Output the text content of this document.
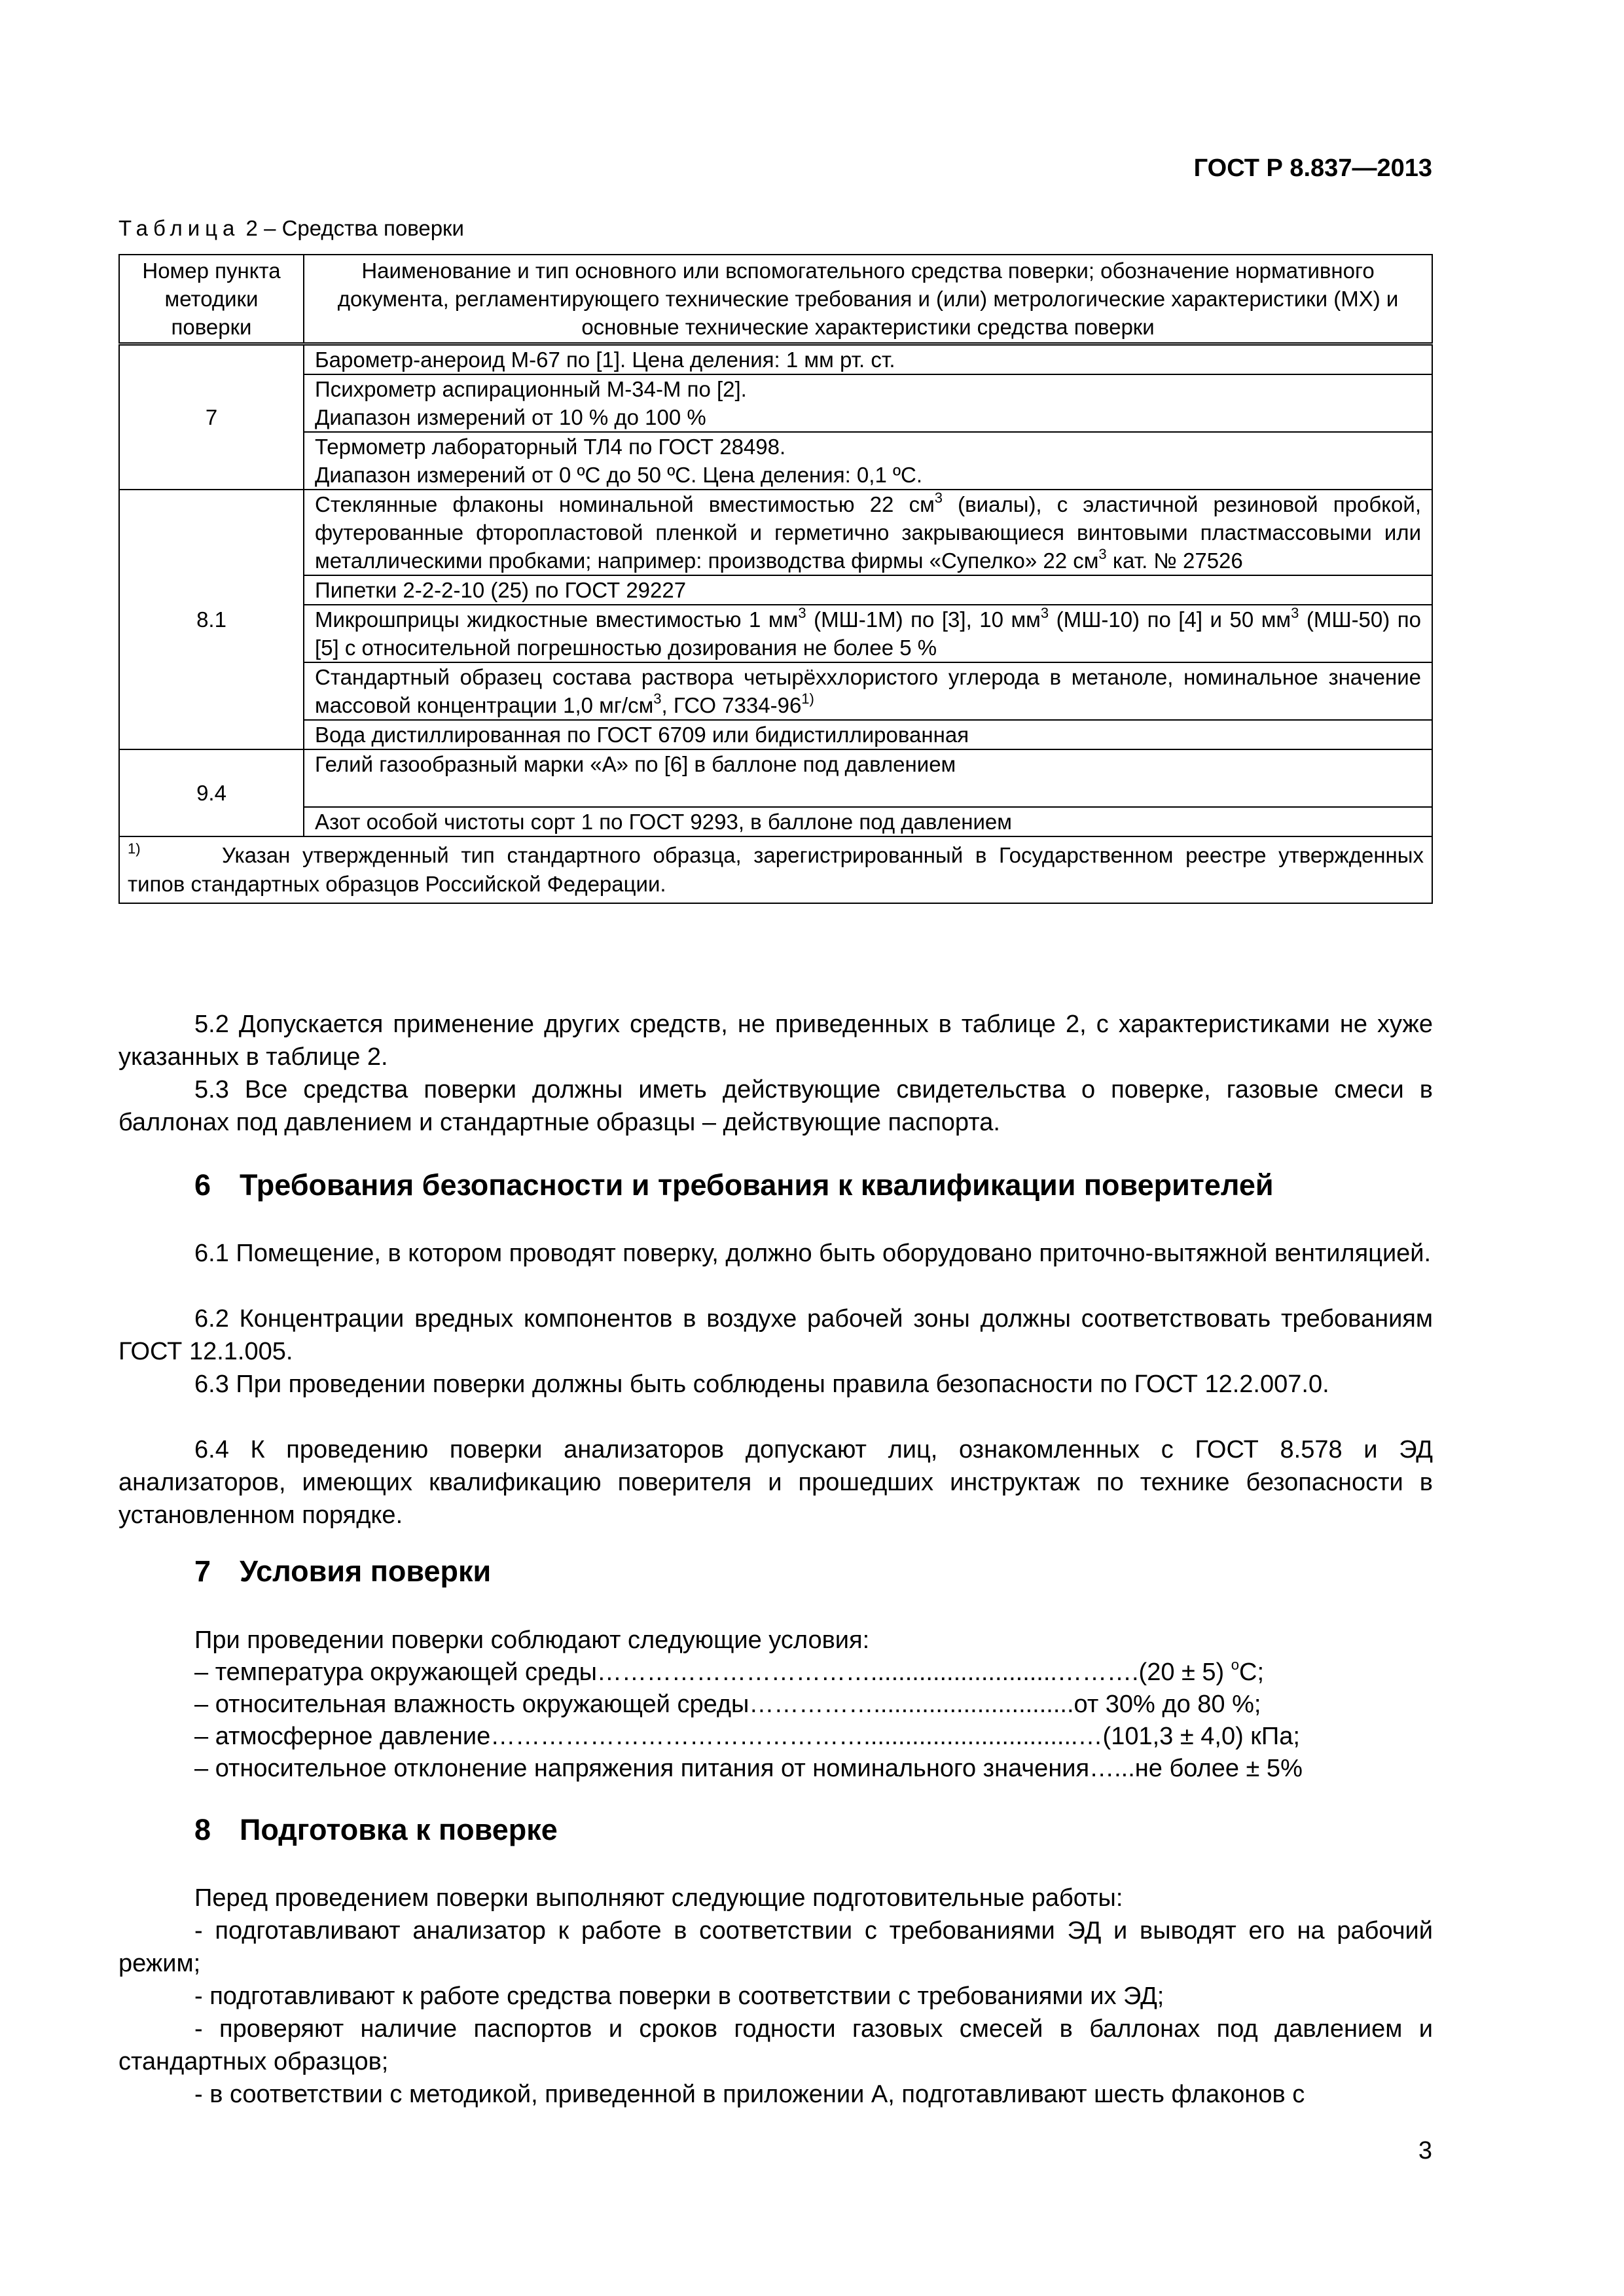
ГОСТ Р 8.837—2013
Таблица 2 – Средства поверки
Номер пункта методики поверки	Наименование и тип основного или вспомогательного средства поверки; обозначение нормативного документа, регламентирующего технические требования и (или) метрологические характеристики (МХ) и основные технические характеристики средства поверки
7	Барометр-анероид М-67 по [1]. Цена деления: 1 мм рт. ст.

	Психрометр аспирационный М-34-М по [2].
Диапазон измерений от 10 % до 100 %

	Термометр лабораторный ТЛ4 по ГОСТ 28498.
Диапазон измерений от 0 ºС до 50 ºС. Цена деления: 0,1 ºС.

8.1	Стеклянные флаконы номинальной вместимостью 22 $см^3$ (виалы), с эластичной резиновой пробкой, футерованные фторопластовой пленкой и герметично закрывающиеся винтовыми пластмассовыми или металлическими пробками; например: производства фирмы «Супелко» 22 $см^3$ кат. № 27526
	Пипетки 2-2-2-10 (25) по ГОСТ 29227
	Микрошприцы жидкостные вместимостью 1 $мм^3$ (МШ-1М) по [3], 10 $мм^3$ (МШ-10) по [4] и 50 $мм^3$ (МШ-50) по [5] с относительной погрешностью дозирования не более 5 %
	Стандартный образец состава раствора четырёххлористого углерода в метаноле, номинальное значение массовой концентрации 1,0 $мг/см^3$, ГСО 7334-96$^{1)}$
	Вода дистиллированная по ГОСТ 6709 или бидистиллированная
9.4	Гелий газообразный марки «А» по [6] в баллоне под давлением
	Азот особой чистоты сорт 1 по ГОСТ 9293, в баллоне под давлением
$^{1)}$ Указан утвержденный тип стандартного образца, зарегистрированный в Государственном реестре утвержденных типов стандартных образцов Российской Федерации.	
5.2 Допускается применение других средств, не приведенных в таблице 2, с характеристиками не хуже указанных в таблице 2.
5.3 Все средства поверки должны иметь действующие свидетельства о поверке, газовые смеси в баллонах под давлением и стандартные образцы – действующие паспорта.
6 Требования безопасности и требования к квалификации поверителей
6.1 Помещение, в котором проводят поверку, должно быть оборудовано приточно-вытяжной вентиляцией.
6.2 Концентрации вредных компонентов в воздухе рабочей зоны должны соответствовать требованиям ГОСТ 12.1.005.
6.3 При проведении поверки должны быть соблюдены правила безопасности по ГОСТ 12.2.007.0.
6.4 К проведению поверки анализаторов допускают лиц, ознакомленных с ГОСТ 8.578 и ЭД анализаторов, имеющих квалификацию поверителя и прошедших инструктаж по технике безопасности в установленном порядке.
7 Условия поверки
При проведении поверки соблюдают следующие условия:
– температура окружающей среды……………………………...........................……….(20 ± 5) $^о$С;
– относительная влажность окружающей среды…………….............................от 30% до 80 %;
– атмосферное давление………………………………………...............................…(101,3 ± 4,0) кПа;
– относительное отклонение напряжения питания от номинального значения…...не более ± 5%
8 Подготовка к поверке
Перед проведением поверки выполняют следующие подготовительные работы:
- подготавливают анализатор к работе в соответствии с требованиями ЭД и выводят его на рабочий режим;
- подготавливают к работе средства поверки в соответствии с требованиями их ЭД;
- проверяют наличие паспортов и сроков годности газовых смесей в баллонах под давлением и стандартных образцов;
- в соответствии с методикой, приведенной в приложении А, подготавливают шесть флаконов с
3
